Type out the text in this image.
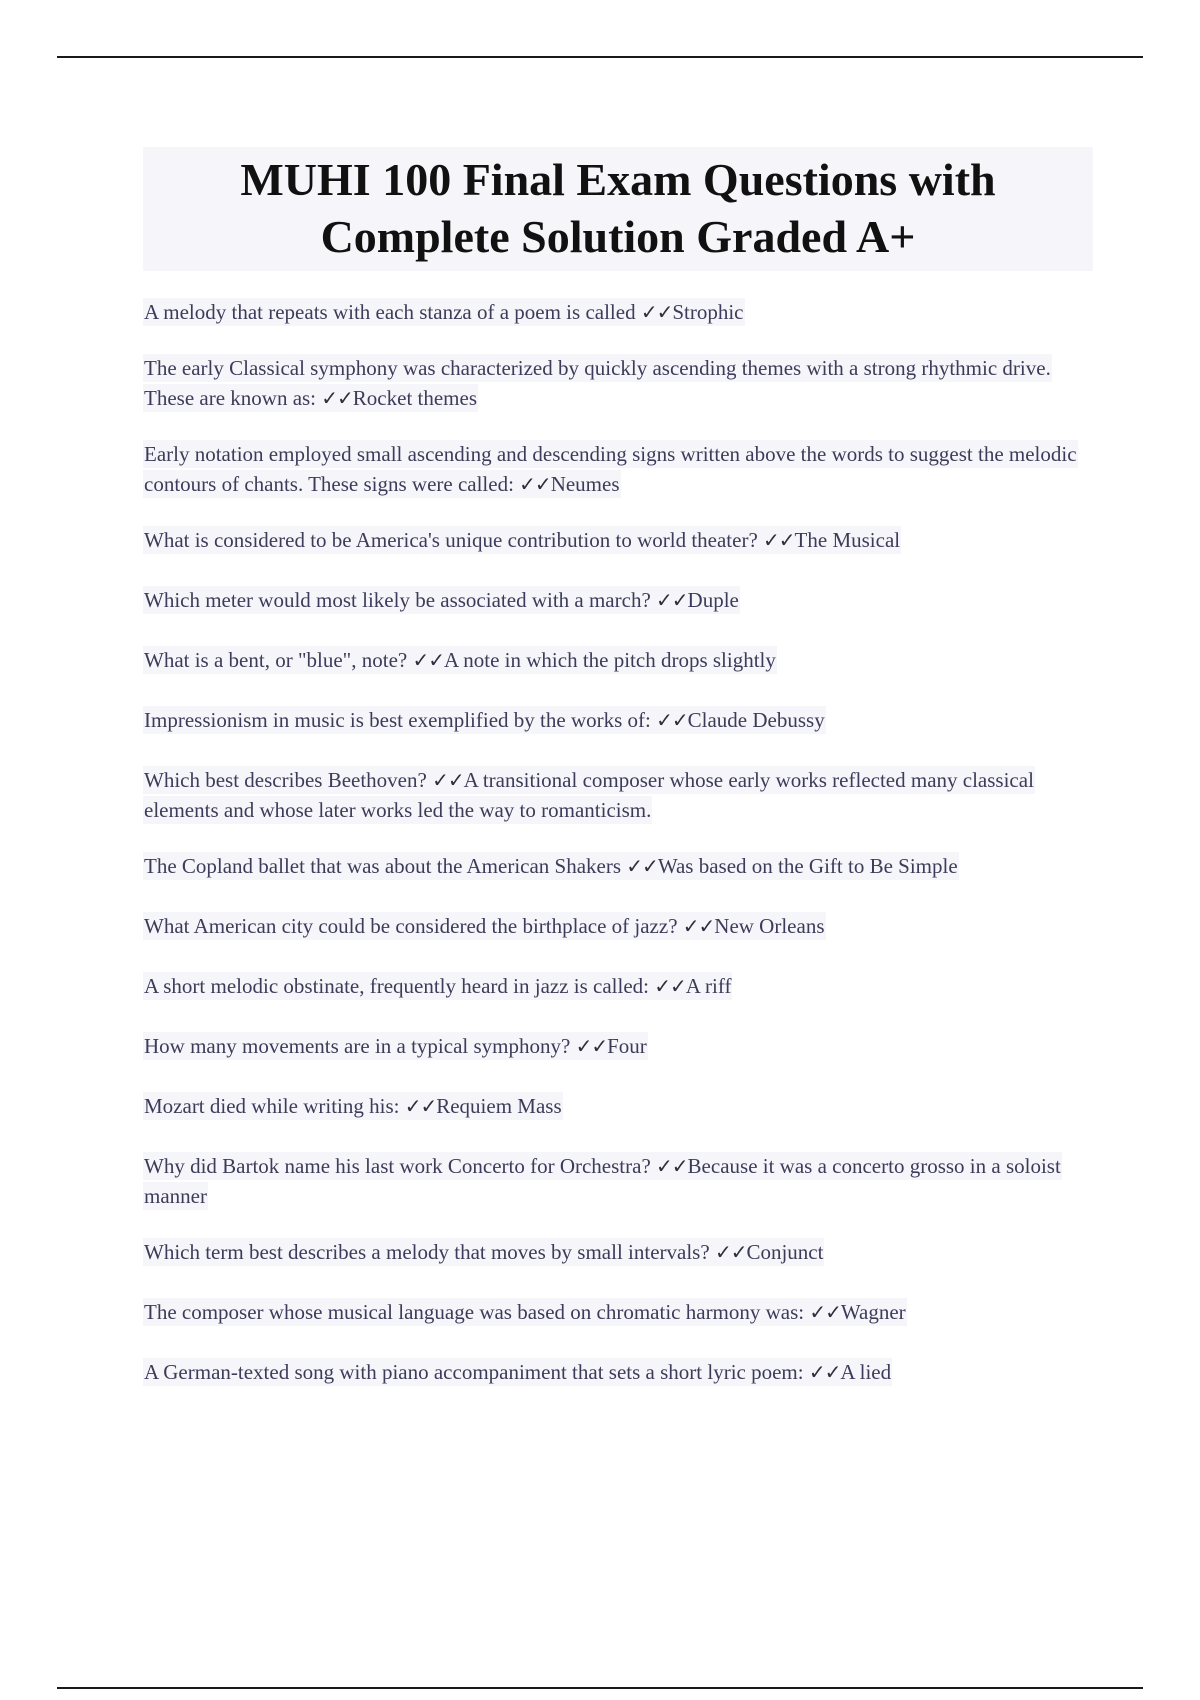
MUHI 100 Final Exam Questions with Complete Solution Graded A+
A melody that repeats with each stanza of a poem is called ✓✓Strophic
The early Classical symphony was characterized by quickly ascending themes with a strong rhythmic drive. These are known as: ✓✓Rocket themes
Early notation employed small ascending and descending signs written above the words to suggest the melodic contours of chants. These signs were called: ✓✓Neumes
What is considered to be America's unique contribution to world theater? ✓✓The Musical
Which meter would most likely be associated with a march? ✓✓Duple
What is a bent, or "blue", note? ✓✓A note in which the pitch drops slightly
Impressionism in music is best exemplified by the works of: ✓✓Claude Debussy
Which best describes Beethoven? ✓✓A transitional composer whose early works reflected many classical elements and whose later works led the way to romanticism.
The Copland ballet that was about the American Shakers ✓✓Was based on the Gift to Be Simple
What American city could be considered the birthplace of jazz? ✓✓New Orleans
A short melodic obstinate, frequently heard in jazz is called: ✓✓A riff
How many movements are in a typical symphony? ✓✓Four
Mozart died while writing his: ✓✓Requiem Mass
Why did Bartok name his last work Concerto for Orchestra? ✓✓Because it was a concerto grosso in a soloist manner
Which term best describes a melody that moves by small intervals? ✓✓Conjunct
The composer whose musical language was based on chromatic harmony was: ✓✓Wagner
A German-texted song with piano accompaniment that sets a short lyric poem: ✓✓A lied
